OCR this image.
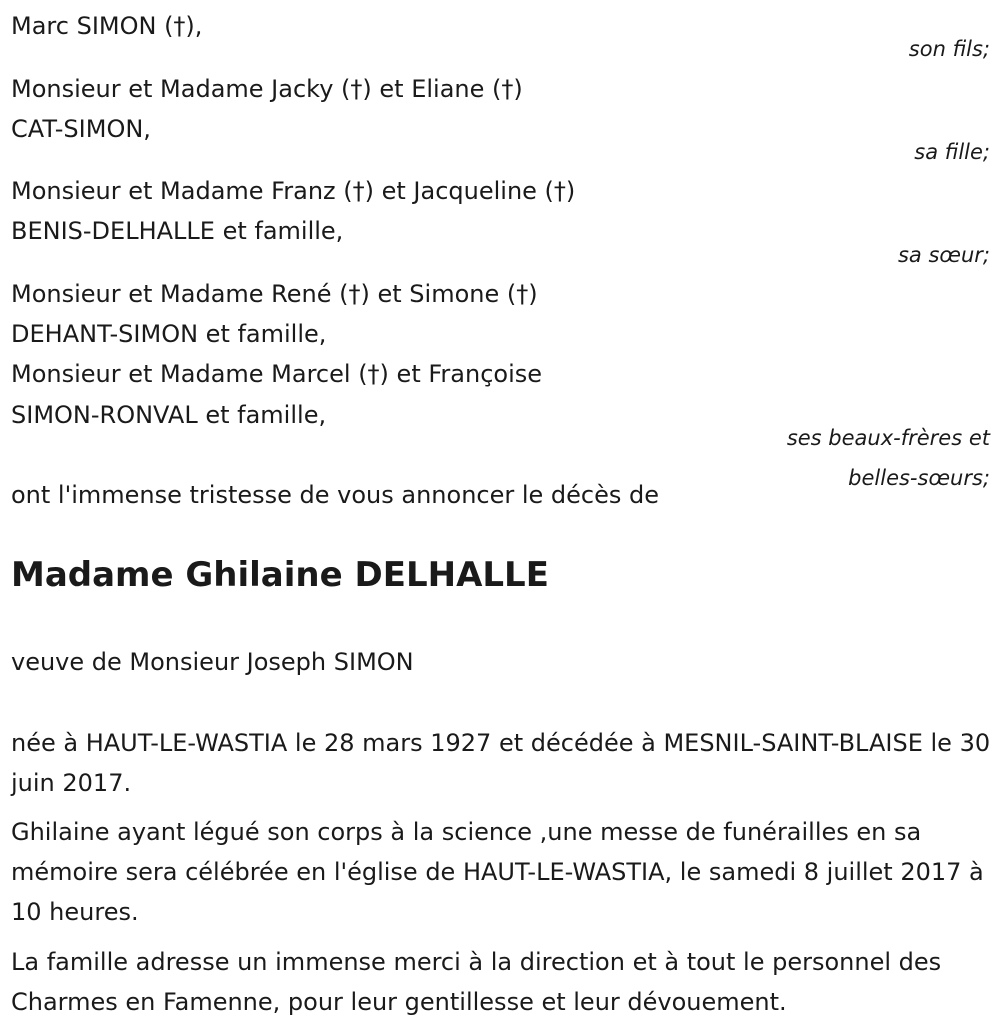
Marc SIMON (†),
son fils;
Monsieur et Madame Jacky (†) et Eliane (†)
CAT-SIMON,
sa fille;
Monsieur et Madame Franz (†) et Jacqueline (†)
BENIS-DELHALLE et famille,
sa sœur;
Monsieur et Madame René (†) et Simone (†)
DEHANT-SIMON et famille,
Monsieur et Madame Marcel (†) et Françoise
SIMON-RONVAL et famille,
ses beaux-frères et
belles-sœurs;
ont l'immense tristesse de vous annoncer le décès de
Madame Ghilaine DELHALLE
veuve de Monsieur Joseph SIMON
née à HAUT-LE-WASTIA le 28 mars 1927 et décédée à MESNIL-SAINT-BLAISE le 30 juin 2017.
Ghilaine ayant légué son corps à la science ,une messe de funérailles en sa mémoire sera célébrée en l'église de HAUT-LE-WASTIA, le samedi 8 juillet 2017 à 10 heures.
La famille adresse un immense merci à la direction et à tout le personnel des Charmes en Famenne, pour leur gentillesse et leur dévouement.
